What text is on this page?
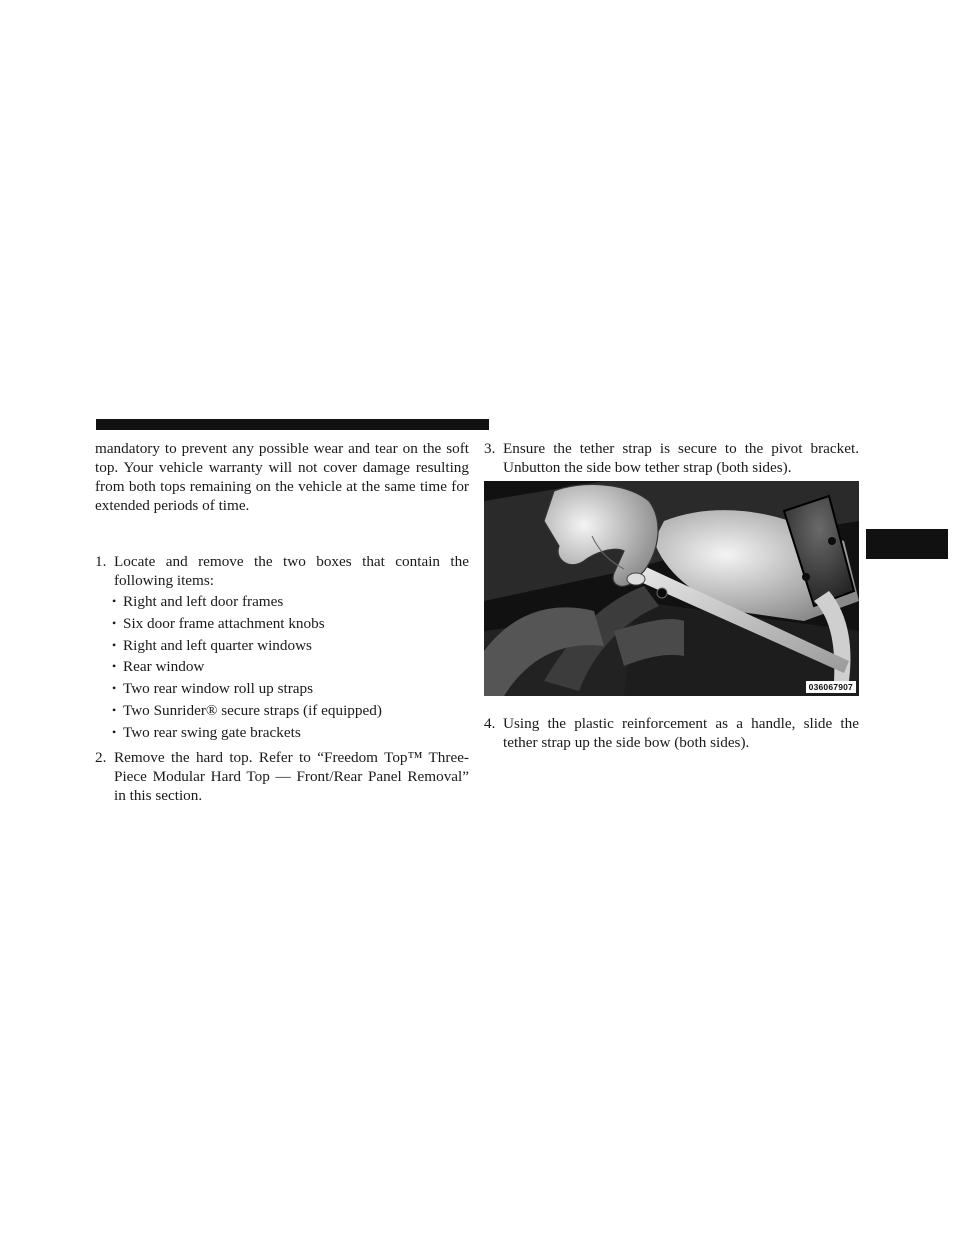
mandatory to prevent any possible wear and tear on the soft top. Your vehicle warranty will not cover damage resulting from both tops remaining on the vehicle at the same time for extended periods of time.

1. Locate and remove the two boxes that contain the following items:
• Right and left door frames
• Six door frame attachment knobs
• Right and left quarter windows
• Rear window
• Two rear window roll up straps
• Two Sunrider® secure straps (if equipped)
• Two rear swing gate brackets
2. Remove the hard top. Refer to “Freedom Top™ Three-Piece Modular Hard Top — Front/Rear Panel Removal” in this section.
3. Ensure the tether strap is secure to the pivot bracket. Unbutton the side bow tether strap (both sides).
4. Using the plastic reinforcement as a handle, slide the tether strap up the side bow (both sides).
036067907
